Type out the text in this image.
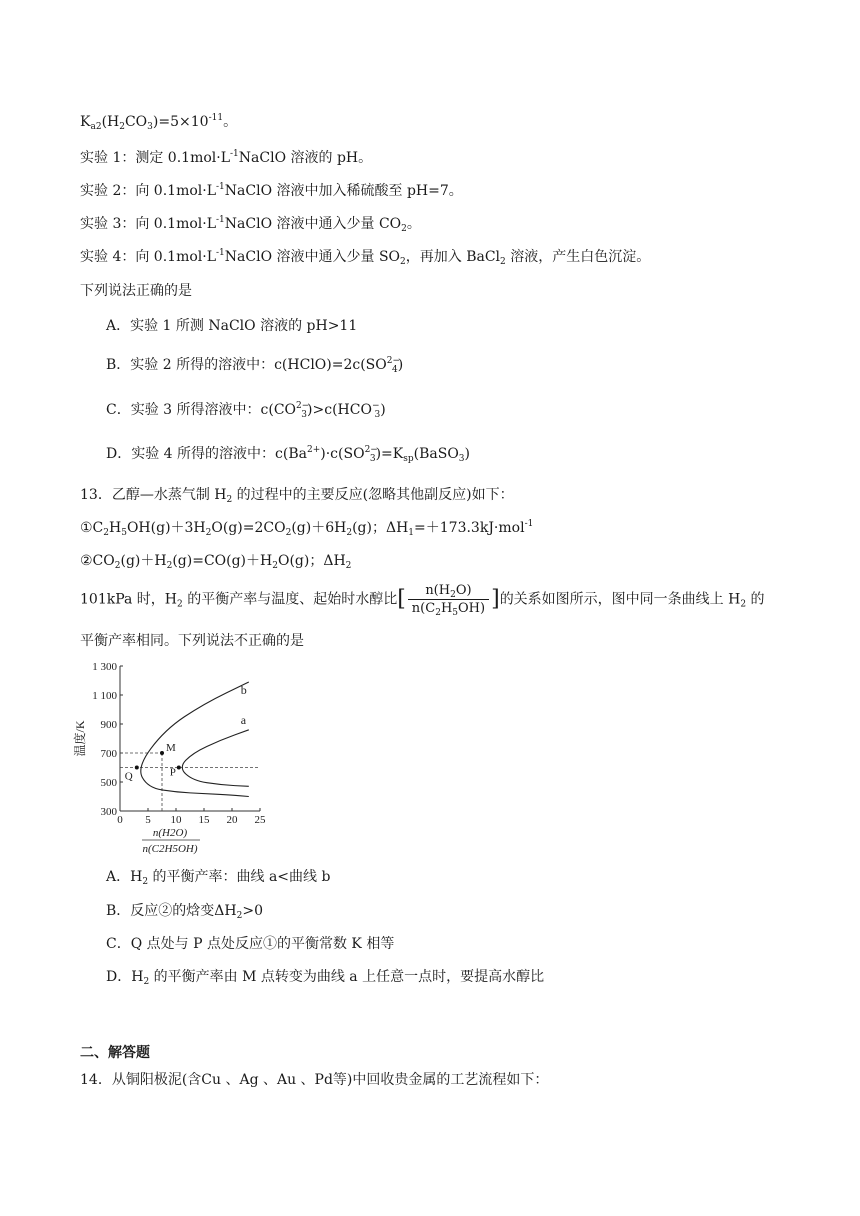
$K_{a2}(H_2CO_3)=5\times 10^{-11}$。
实验 1：测定 $0.1mol\cdot L^{-1}NaClO$ 溶液的 pH。
实验 2：向 $0.1mol\cdot L^{-1}NaClO$ 溶液中加入稀硫酸至 pH=7。
实验 3：向 $0.1mol\cdot L^{-1}NaClO$ 溶液中通入少量 $CO_2$。
实验 4：向 $0.1mol\cdot L^{-1}NaClO$ 溶液中通入少量 $SO_2$，再加入 BaCl$_2$ 溶液，产生白色沉淀。
下列说法正确的是
A．实验 1 所测 NaClO 溶液的 pH>11
B．实验 2 所得的溶液中：$c(HClO)=2c(SO^{2-}_4)$
C．实验 3 所得溶液中：$c(CO^{2-}_3)>c(HCO^-_3)$
D．实验 4 所得的溶液中：$c(Ba^{2+})\cdot c(SO^{2-}_3)=K_{sp}(BaSO_3)$
13．乙醇—水蒸气制 $H_2$ 的过程中的主要反应(忽略其他副反应)如下：
$①C_2H_5OH(g)+3H_2O(g)=2CO_2(g)+6H_2(g)$；$\Delta H_1=+173.3kJ\cdot mol^{-1}$
$②CO_2(g)+H_2(g)=CO(g)+H_2O(g)$；$\Delta H_2$
101kPa 时，$H_2$ 的平衡产率与温度、起始时水醇比[ $\frac{n(H_2O)}{n(C_2H_5OH)}$ ]的关系如图所示，图中同一条曲线上 $H_2$ 的
平衡产率相同。下列说法不正确的是
0 5 10 15 20 25
300
500
700
900
1 100
1 300
温度/K
n(H2O)
n(C2H5OH)
b
a
M
Q	P
A．$H_2$ 的平衡产率：曲线 a<曲线 b
B．反应②的焓变$\Delta H_2>0$
C．Q 点处与 P 点处反应①的平衡常数 K 相等
D．$H_2$ 的平衡产率由 M 点转变为曲线 a 上任意一点时，要提高水醇比
二、解答题
14．从铜阳极泥(含Cu 、Ag 、Au 、Pd等)中回收贵金属的工艺流程如下：
